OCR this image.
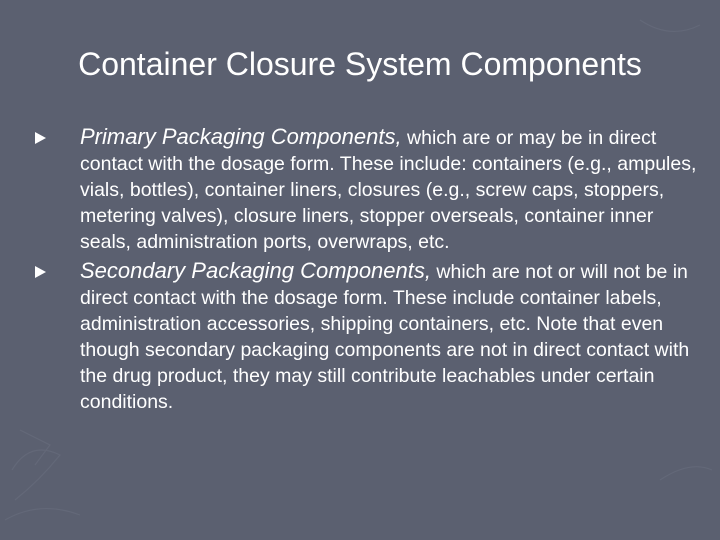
Container Closure System Components
Primary Packaging Components, which are or may be in direct contact with the dosage form. These include: containers (e.g., ampules, vials, bottles), container liners, closures (e.g., screw caps, stoppers, metering valves), closure liners, stopper overseals, container inner seals, administration ports, overwraps, etc.
Secondary Packaging Components, which are not or will not be in direct contact with the dosage form. These include container labels, administration accessories, shipping containers, etc. Note that even though secondary packaging components are not in direct contact with the drug product, they may still contribute leachables under certain conditions.
